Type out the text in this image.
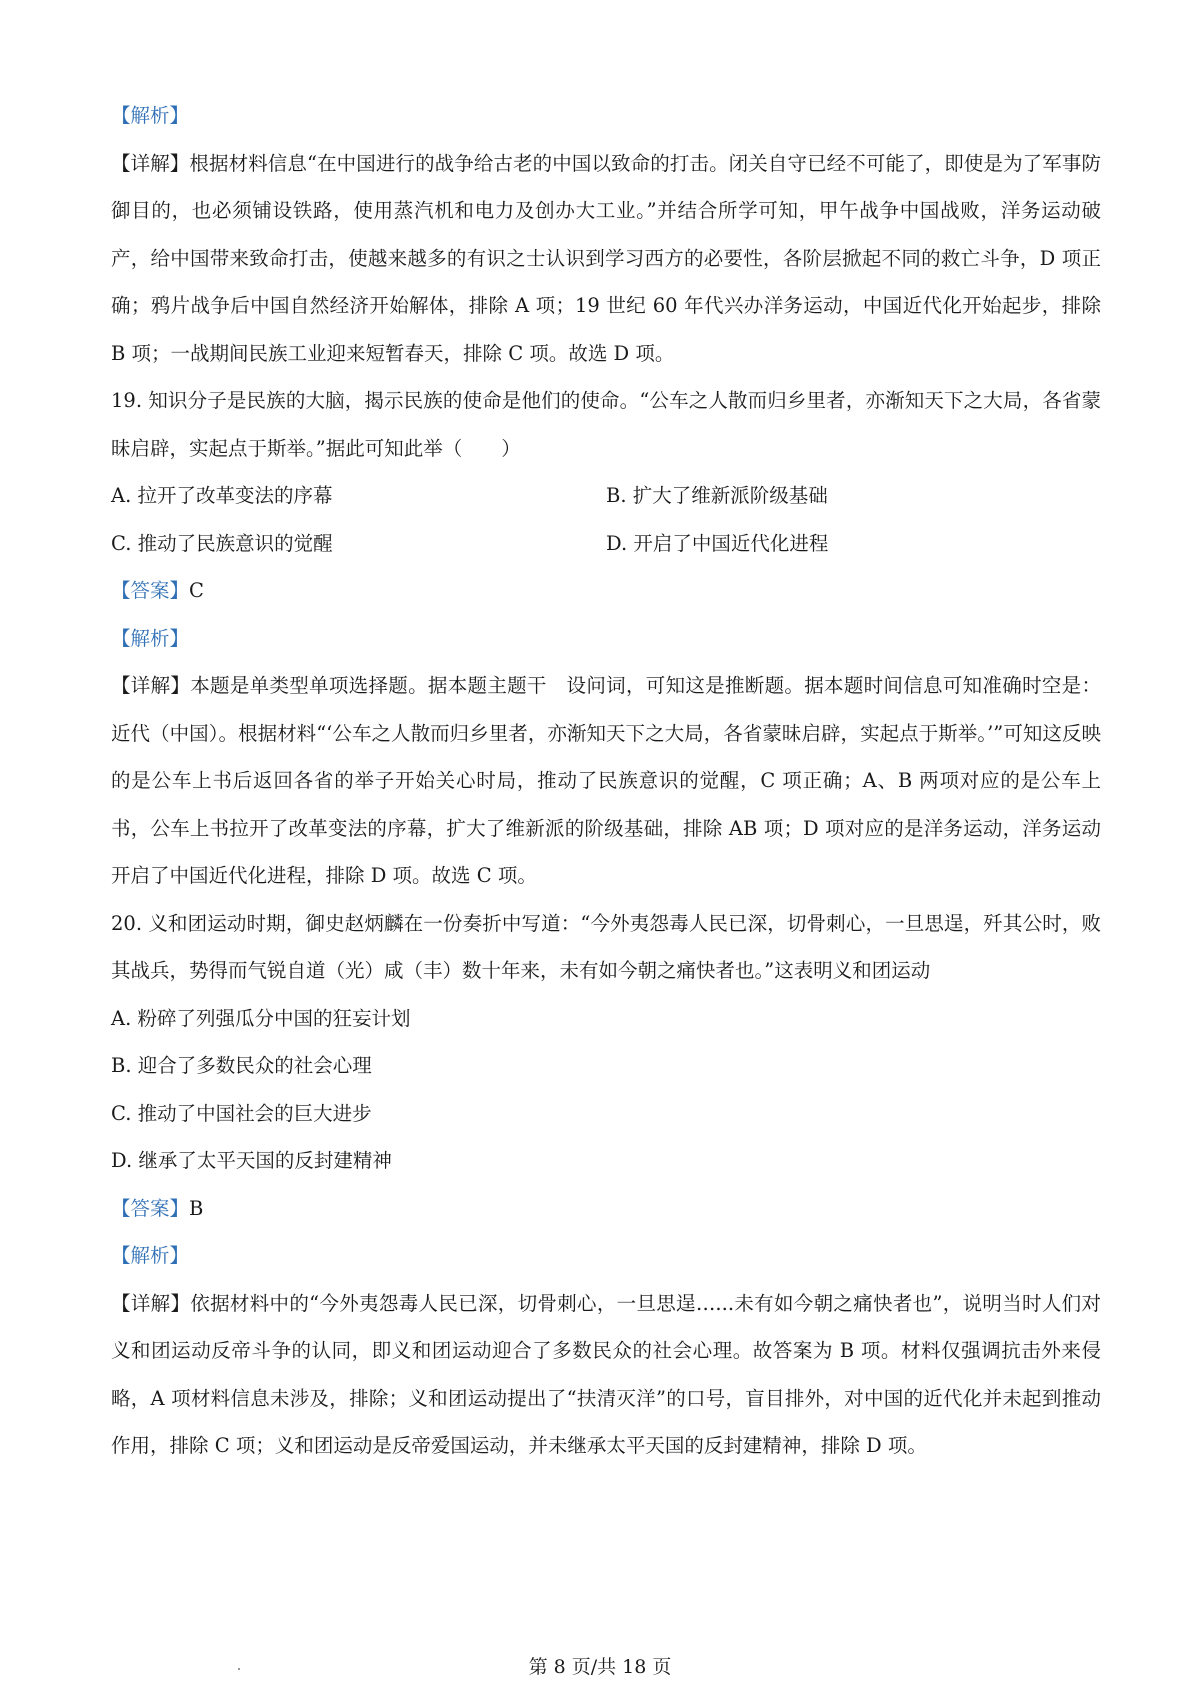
【解析】

【详解】根据材料信息“在中国进行的战争给古老的中国以致命的打击。闭关自守已经不可能了，即使是为了军事防御目的，也必须铺设铁路，使用蒸汽机和电力及创办大工业。”并结合所学可知，甲午战争中国战败，洋务运动破产，给中国带来致命打击，使越来越多的有识之士认识到学习西方的必要性，各阶层掀起不同的救亡斗争，D 项正确；鸦片战争后中国自然经济开始解体，排除 A 项；19 世纪 60 年代兴办洋务运动，中国近代化开始起步，排除 B 项；一战期间民族工业迎来短暂春天，排除 C 项。故选 D 项。

19. 知识分子是民族的大脑，揭示民族的使命是他们的使命。“公车之人散而归乡里者，亦渐知天下之大局，各省蒙昧启辟，实起点于斯举。”据此可知此举（　　）

A. 拉开了改革变法的序幕	B. 扩大了维新派阶级基础
C. 推动了民族意识的觉醒	D. 开启了中国近代化进程

【答案】C

【解析】

【详解】本题是单类型单项选择题。据本题主题干　设问词，可知这是推断题。据本题时间信息可知准确时空是：近代（中国）。根据材料“‘公车之人散而归乡里者，亦渐知天下之大局，各省蒙昧启辟，实起点于斯举。’”可知这反映的是公车上书后返回各省的举子开始关心时局，推动了民族意识的觉醒，C 项正确；A、B 两项对应的是公车上书，公车上书拉开了改革变法的序幕，扩大了维新派的阶级基础，排除 AB 项；D 项对应的是洋务运动，洋务运动开启了中国近代化进程，排除 D 项。故选 C 项。

20. 义和团运动时期，御史赵炳麟在一份奏折中写道：“今外夷怨毒人民已深，切骨刺心，一旦思逞，歼其公时，败其战兵，势得而气锐自道（光）咸（丰）数十年来，未有如今朝之痛快者也。”这表明义和团运动

A. 粉碎了列强瓜分中国的狂妄计划

B. 迎合了多数民众的社会心理

C. 推动了中国社会的巨大进步

D. 继承了太平天国的反封建精神

【答案】B

【解析】

【详解】依据材料中的“今外夷怨毒人民已深，切骨刺心，一旦思逞…...未有如今朝之痛快者也”，说明当时人们对义和团运动反帝斗争的认同，即义和团运动迎合了多数民众的社会心理。故答案为 B 项。材料仅强调抗击外来侵略，A 项材料信息未涉及，排除；义和团运动提出了“扶清灭洋”的口号，盲目排外，对中国的近代化并未起到推动作用，排除 C 项；义和团运动是反帝爱国运动，并未继承太平天国的反封建精神，排除 D 项。

第 8 页/共 18 页
